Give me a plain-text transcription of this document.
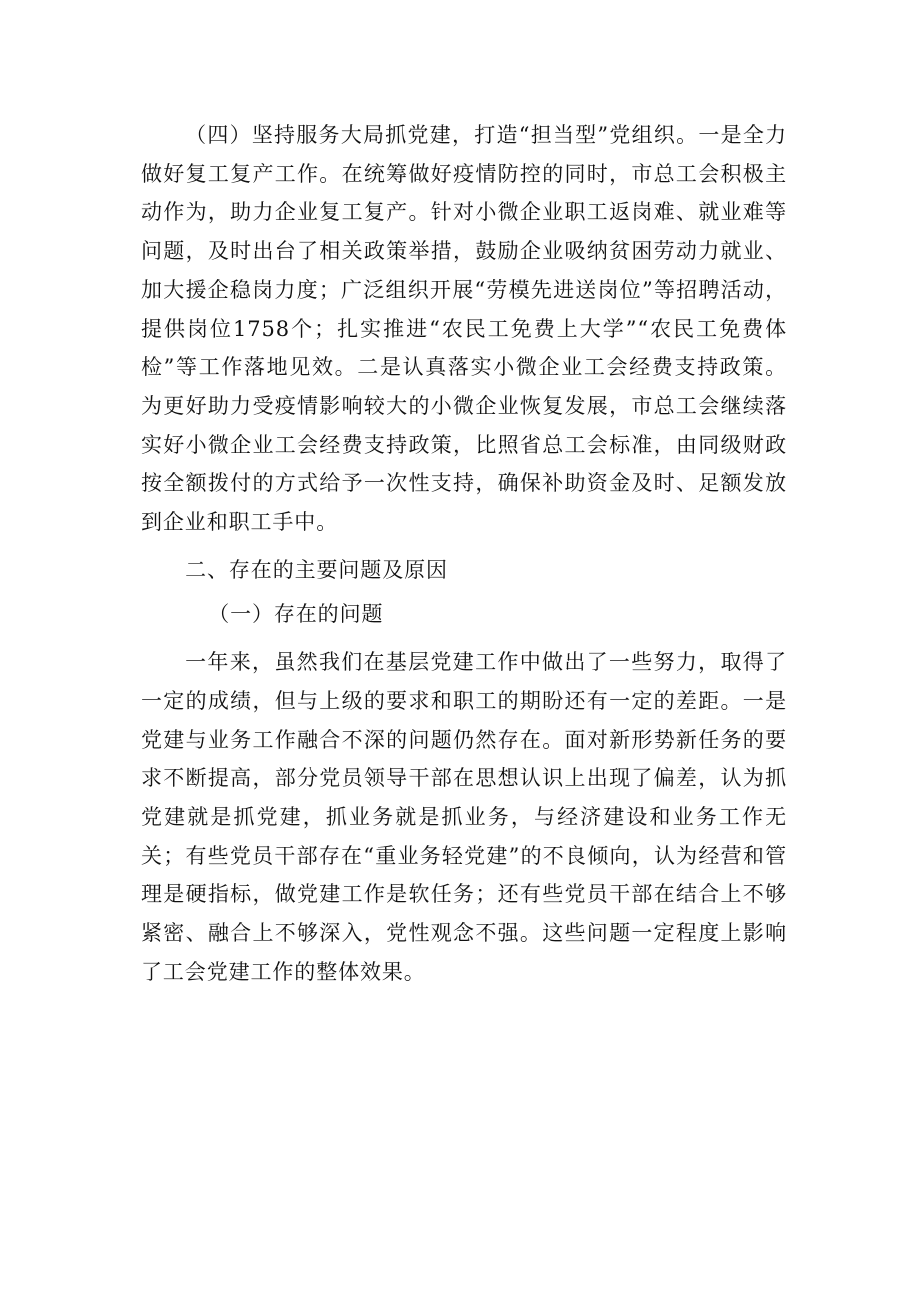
（四）坚持服务大局抓党建，打造“担当型”党组织。一是全力做好复工复产工作。在统筹做好疫情防控的同时，市总工会积极主动作为，助力企业复工复产。针对小微企业职工返岗难、就业难等问题，及时出台了相关政策举措，鼓励企业吸纳贫困劳动力就业、加大援企稳岗力度；广泛组织开展“劳模先进送岗位”等招聘活动，提供岗位1758个；扎实推进“农民工免费上大学”“农民工免费体检”等工作落地见效。二是认真落实小微企业工会经费支持政策。为更好助力受疫情影响较大的小微企业恢复发展，市总工会继续落实好小微企业工会经费支持政策，比照省总工会标准，由同级财政按全额拨付的方式给予一次性支持，确保补助资金及时、足额发放到企业和职工手中。

二、存在的主要问题及原因

（一）存在的问题

一年来，虽然我们在基层党建工作中做出了一些努力，取得了一定的成绩，但与上级的要求和职工的期盼还有一定的差距。一是党建与业务工作融合不深的问题仍然存在。面对新形势新任务的要求不断提高，部分党员领导干部在思想认识上出现了偏差，认为抓党建就是抓党建，抓业务就是抓业务，与经济建设和业务工作无关；有些党员干部存在“重业务轻党建”的不良倾向，认为经营和管理是硬指标，做党建工作是软任务；还有些党员干部在结合上不够紧密、融合上不够深入，党性观念不强。这些问题一定程度上影响了工会党建工作的整体效果。
